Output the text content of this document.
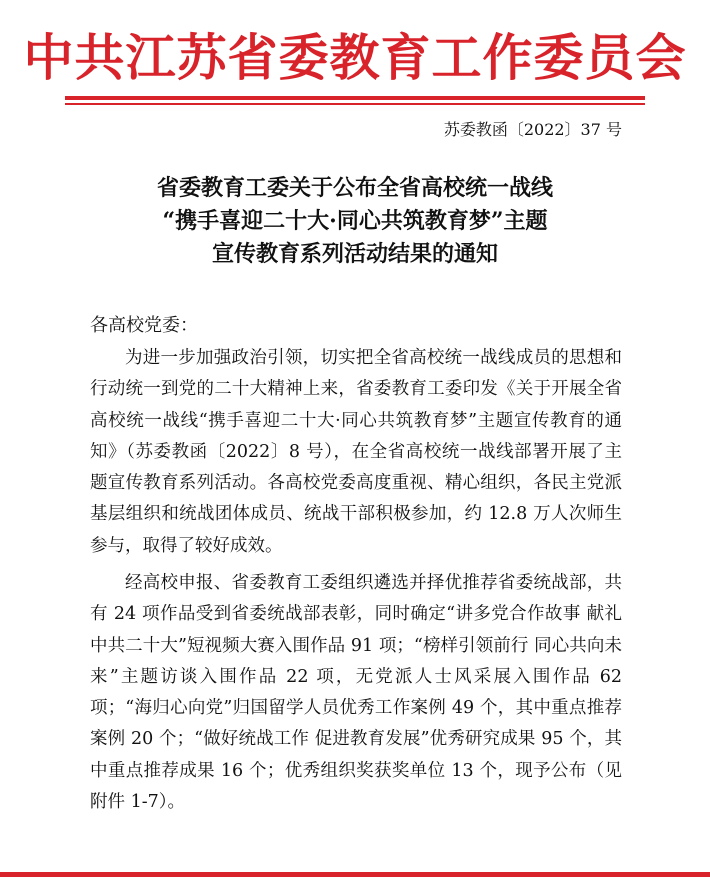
中共江苏省委教育工作委员会
苏委教函〔2022〕37 号
省委教育工委关于公布全省高校统一战线
“携手喜迎二十大·同心共筑教育梦”主题
宣传教育系列活动结果的通知
各高校党委：

为进一步加强政治引领，切实把全省高校统一战线成员的思想和行动统一到党的二十大精神上来，省委教育工委印发《关于开展全省高校统一战线“携手喜迎二十大·同心共筑教育梦”主题宣传教育的通知》（苏委教函〔2022〕8 号），在全省高校统一战线部署开展了主题宣传教育系列活动。各高校党委高度重视、精心组织，各民主党派基层组织和统战团体成员、统战干部积极参加，约 12.8 万人次师生参与，取得了较好成效。

经高校申报、省委教育工委组织遴选并择优推荐省委统战部，共有 24 项作品受到省委统战部表彰，同时确定“讲多党合作故事 献礼中共二十大”短视频大赛入围作品 91 项；“榜样引领前行 同心共向未来”主题访谈入围作品 22 项，无党派人士风采展入围作品 62 项；“海归心向党”归国留学人员优秀工作案例 49 个，其中重点推荐案例 20 个；“做好统战工作 促进教育发展”优秀研究成果 95 个，其中重点推荐成果 16 个；优秀组织奖获奖单位 13 个，现予公布（见附件 1-7）。
